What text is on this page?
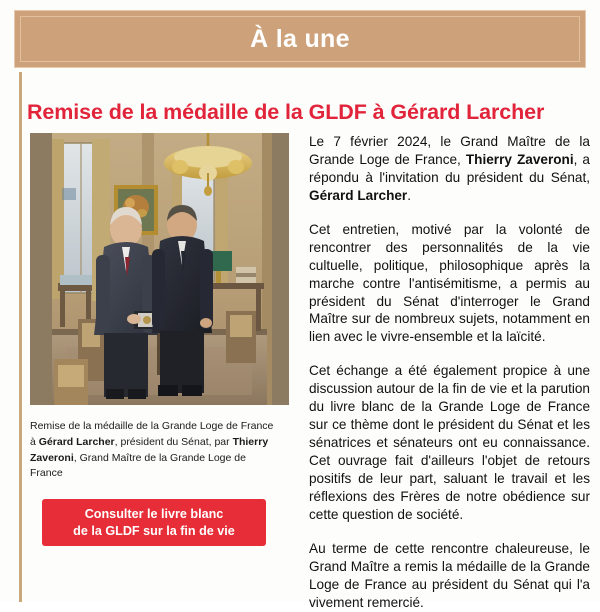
À la une
Remise de la médaille de la GLDF à Gérard Larcher
Remise de la médaille de la Grande Loge de France à Gérard Larcher, président du Sénat, par Thierry Zaveroni, Grand Maître de la Grande Loge de France
Consulter le livre blanc
de la GLDF sur la fin de vie

Le 7 février 2024, le Grand Maître de la Grande Loge de France, Thierry Zaveroni, a répondu à l'invitation du président du Sénat, Gérard Larcher.

Cet entretien, motivé par la volonté de rencontrer des personnalités de la vie cultuelle, politique, philosophique après la marche contre l'antisémitisme, a permis au président du Sénat d'interroger le Grand Maître sur de nombreux sujets, notamment en lien avec le vivre-ensemble et la laïcité.

Cet échange a été également propice à une discussion autour de la fin de vie et la parution du livre blanc de la Grande Loge de France sur ce thème dont le président du Sénat et les sénatrices et sénateurs ont eu connaissance. Cet ouvrage fait d'ailleurs l'objet de retours positifs de leur part, saluant le travail et les réflexions des Frères de notre obédience sur cette question de société.

Au terme de cette rencontre chaleureuse, le Grand Maître a remis la médaille de la Grande Loge de France au président du Sénat qui l'a vivement remercié.
